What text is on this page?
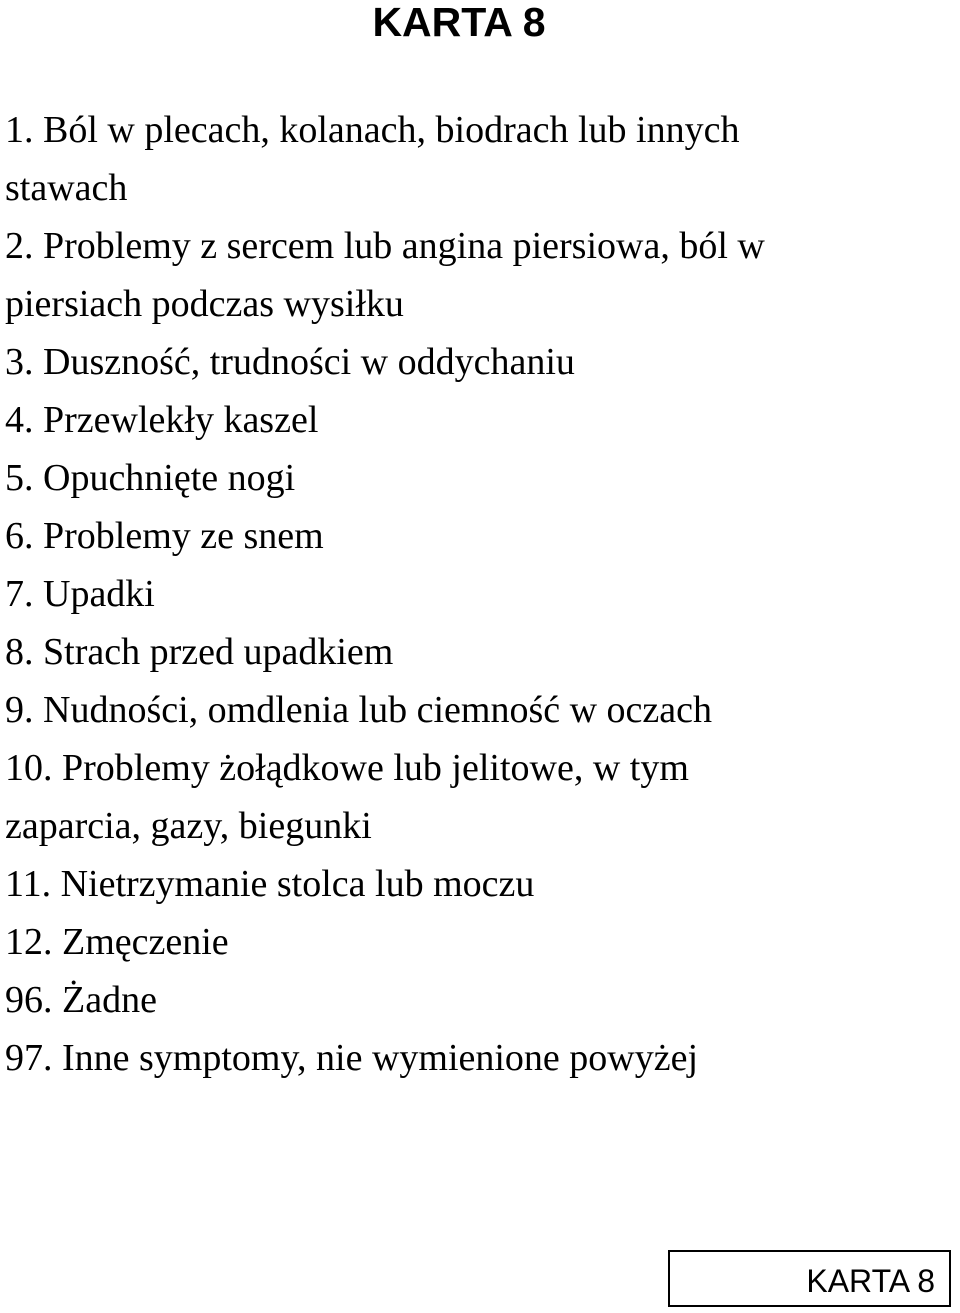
KARTA 8
1. Ból w plecach, kolanach, biodrach lub innych
stawach
2. Problemy z sercem lub angina piersiowa, ból w
piersiach podczas wysiłku
3. Duszność, trudności w oddychaniu
4. Przewlekły kaszel
5. Opuchnięte nogi
6. Problemy ze snem
7. Upadki
8. Strach przed upadkiem
9. Nudności, omdlenia lub ciemność w oczach
10. Problemy żołądkowe lub jelitowe, w tym
zaparcia, gazy, biegunki
11. Nietrzymanie stolca lub moczu
12. Zmęczenie
96. Żadne
97. Inne symptomy, nie wymienione powyżej
KARTA 8
